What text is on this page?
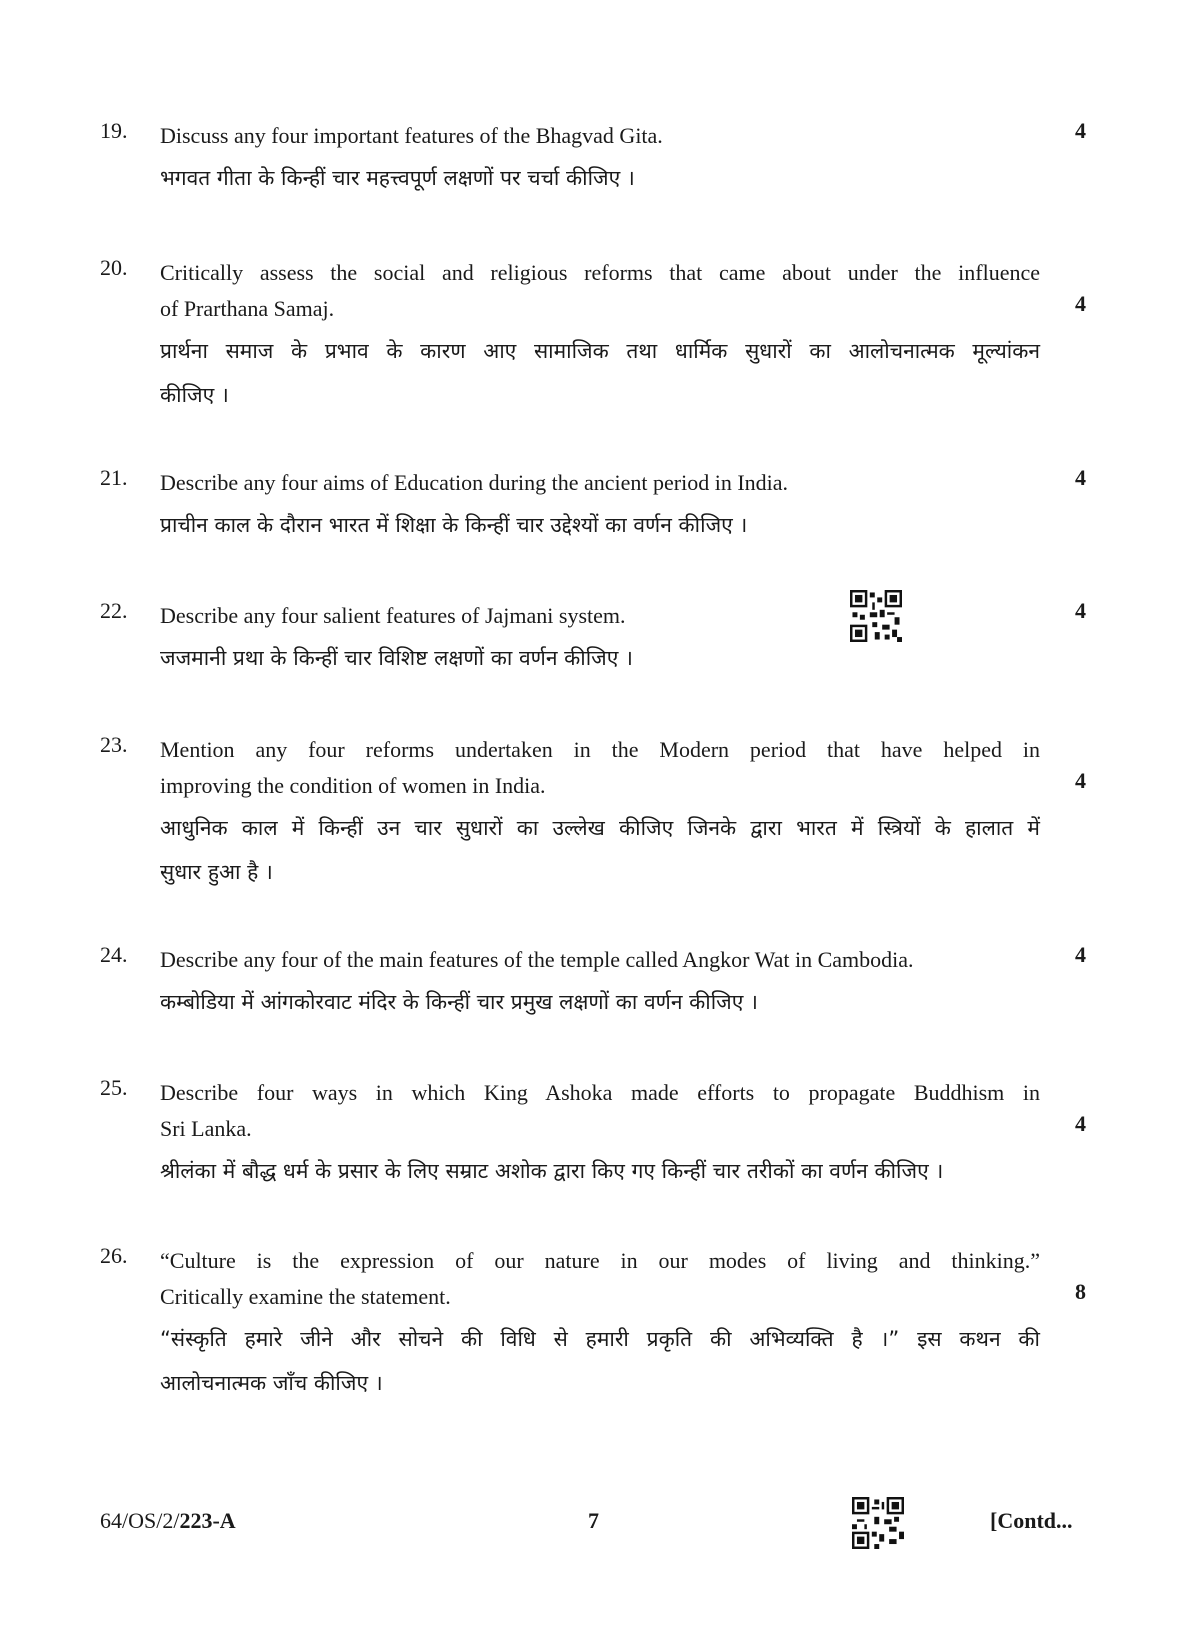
19. Discuss any four important features of the Bhagvad Gita.
भगवत गीता के किन्हीं चार महत्त्वपूर्ण लक्षणों पर चर्चा कीजिए ।
4
20. Critically assess the social and religious reforms that came about under the influence
of Prarthana Samaj.
प्रार्थना समाज के प्रभाव के कारण आए सामाजिक तथा धार्मिक सुधारों का आलोचनात्मक मूल्यांकन
कीजिए ।
4
21. Describe any four aims of Education during the ancient period in India.
प्राचीन काल के दौरान भारत में शिक्षा के किन्हीं चार उद्देश्यों का वर्णन कीजिए ।
4
22. Describe any four salient features of Jajmani system.
जजमानी प्रथा के किन्हीं चार विशिष्ट लक्षणों का वर्णन कीजिए ।
4
23. Mention any four reforms undertaken in the Modern period that have helped in
improving the condition of women in India.
आधुनिक काल में किन्हीं उन चार सुधारों का उल्लेख कीजिए जिनके द्वारा भारत में स्त्रियों के हालात में
सुधार हुआ है ।
4
24. Describe any four of the main features of the temple called Angkor Wat in Cambodia.
कम्बोडिया में आंगकोरवाट मंदिर के किन्हीं चार प्रमुख लक्षणों का वर्णन कीजिए ।
4
25. Describe four ways in which King Ashoka made efforts to propagate Buddhism in
Sri Lanka.
श्रीलंका में बौद्ध धर्म के प्रसार के लिए सम्राट अशोक द्वारा किए गए किन्हीं चार तरीकों का वर्णन कीजिए ।
4
26. “Culture is the expression of our nature in our modes of living and thinking.”
Critically examine the statement.
“संस्कृति हमारे जीने और सोचने की विधि से हमारी प्रकृति की अभिव्यक्ति है ।” इस कथन की
आलोचनात्मक जाँच कीजिए ।
8
64/OS/2/223-A	7	[Contd...
